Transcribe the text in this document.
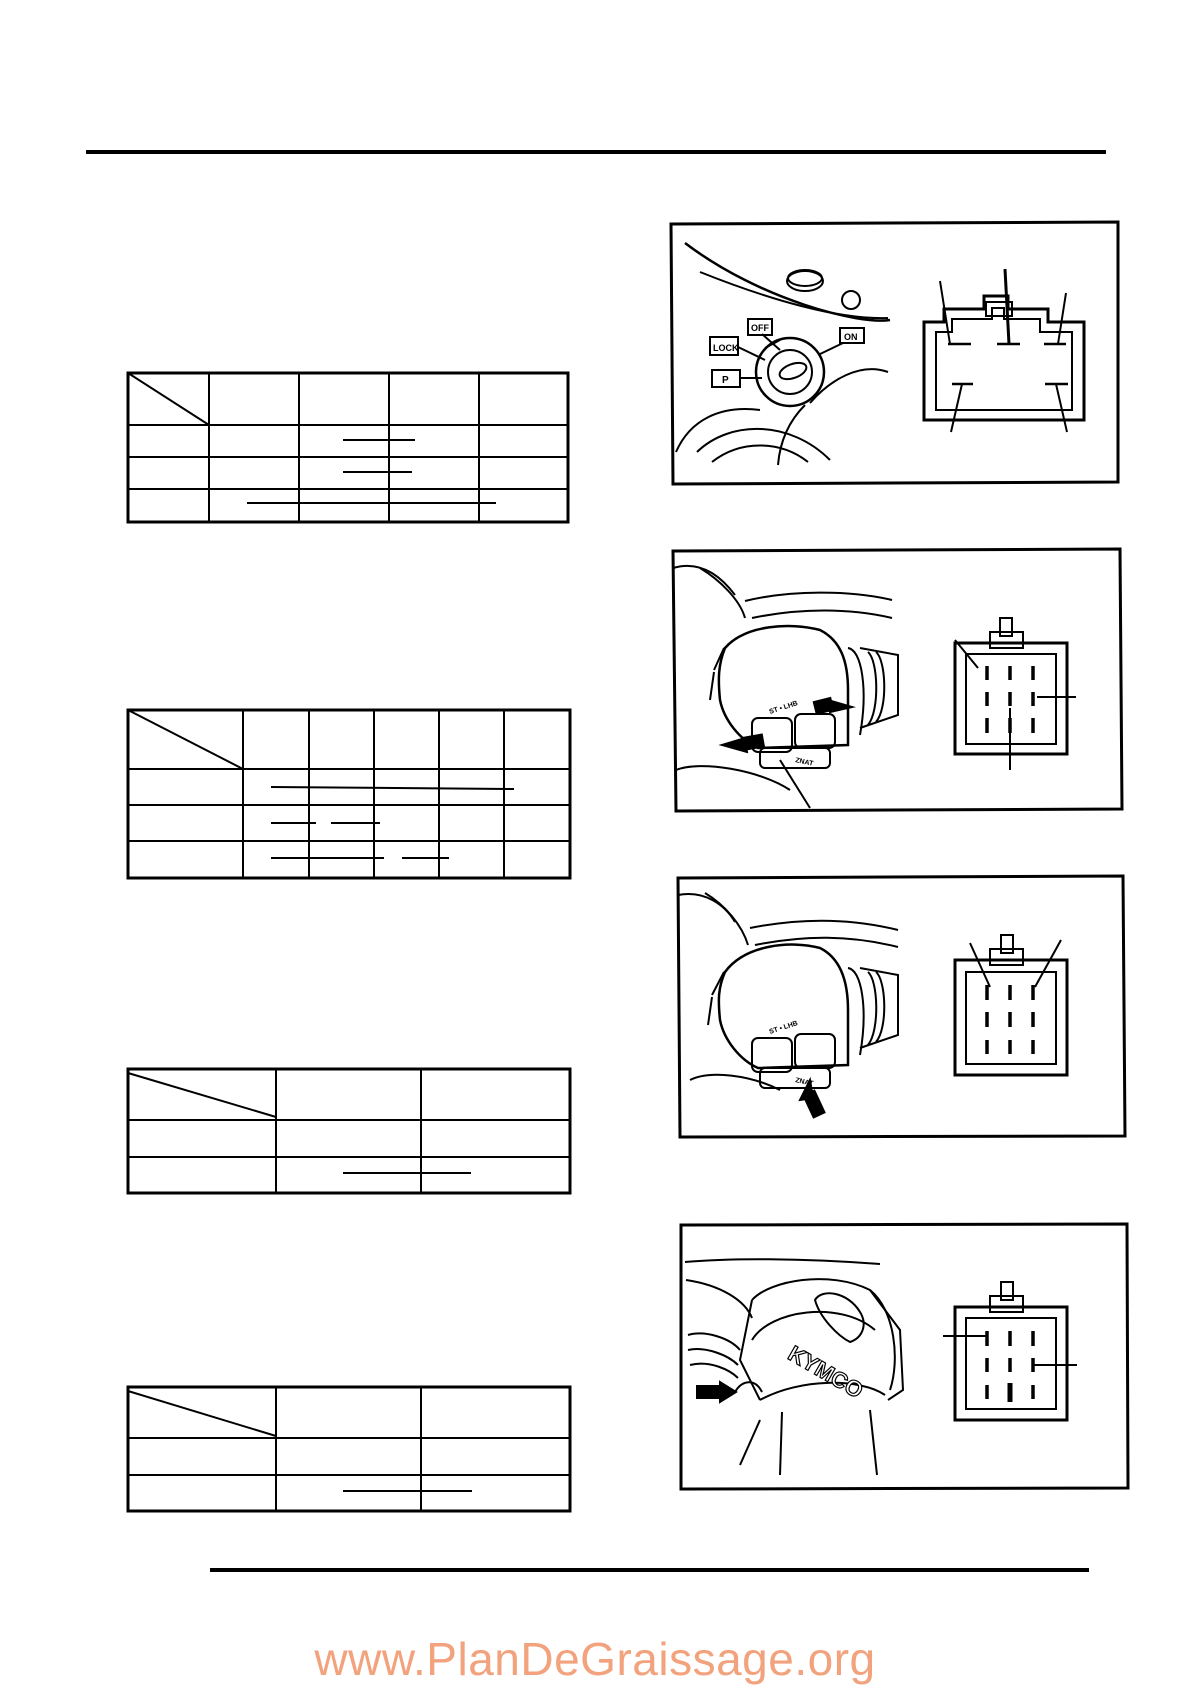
LOCK
P
OFF
ON
ST • LHB
ZNAT
ST • LHB
ZNAT
KYMCO
www.PlanDeGraissage.org
